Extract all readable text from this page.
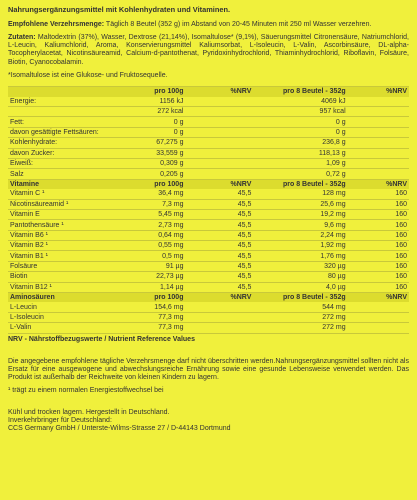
Nahrungsergänzungsmittel mit Kohlenhydraten und Vitaminen.
Empfohlene Verzehrsmenge: Täglich 8 Beutel (352 g) im Abstand von 20-45 Minuten mit 250 ml Wasser verzehren.
Zutaten: Maltodextrin (37%), Wasser, Dextrose (21,14%), Isomaltulose* (9,1%), Säuerungsmittel Citronensäure, Natriumchlorid, L-Leucin, Kaliumchlorid, Aroma, Konservierungsmittel Kaliumsorbat, L-Isoleucin, L-Valin, Ascorbinsäure, DL-alpha-Tocopherylacetat, Nicotinsäureamid, Calcium-d-pantothenat, Pyridoxinhydrochlorid, Thiaminhydrochlorid, Riboflavin, Folsäure, Biotin, Cyanocobalamin.
*Isomaltulose ist eine Glukose- und Fruktosequelle.
	pro 100g	%NRV	pro 8 Beutel - 352g	%NRV
Energie:	1156 kJ		4069 kJ	
	272 kcal		957 kcal	
Fett:	0 g		0 g	
davon gesättigte Fettsäuren:	0 g		0 g	
Kohlenhydrate:	67,275 g		236,8 g	
davon Zucker:	33,559 g		118,13 g	
Eiweiß:	0,309 g		1,09 g	
Salz	0,205 g		0,72 g	
Vitamine	pro 100g	%NRV	pro 8 Beutel - 352g	%NRV
Vitamin C ¹	36,4 mg	45,5	128 mg	160
Nicotinsäureamid ¹	7,3 mg	45,5	25,6 mg	160
Vitamin E	5,45 mg	45,5	19,2 mg	160
Pantothensäure ¹	2,73 mg	45,5	9,6 mg	160
Vitamin B6 ¹	0,64 mg	45,5	2,24 mg	160
Vitamin B2 ¹	0,55 mg	45,5	1,92 mg	160
Vitamin B1 ¹	0,5 mg	45,5	1,76 mg	160
Folsäure	91 µg	45,5	320 µg	160
Biotin	22,73 µg	45,5	80 µg	160
Vitamin B12 ¹	1,14 µg	45,5	4,0 µg	160
Aminosäuren	pro 100g	%NRV	pro 8 Beutel - 352g	%NRV
L-Leucin	154,6 mg		544 mg	
L-Isoleucin	77,3 mg		272 mg	
L-Valin	77,3 mg		272 mg	
NRV - Nährstoffbezugswerte / Nutrient Reference Values
Die angegebene empfohlene tägliche Verzehrsmenge darf nicht überschritten werden.Nahrungsergänzungsmittel sollten nicht als Ersatz für eine ausgewogene und abwechslungsreiche Ernährung sowie eine gesunde Lebensweise verwendet werden. Das Produkt ist außerhalb der Reichweite von kleinen Kindern zu lagern.
¹ trägt zu einem normalen Energiestoffwechsel bei
Kühl und trocken lagern. Hergestellt in Deutschland.
Inverkehrbringer für Deutschland:
CCS Germany GmbH / Unterste-Wilms-Strasse 27 / D-44143 Dortmund
